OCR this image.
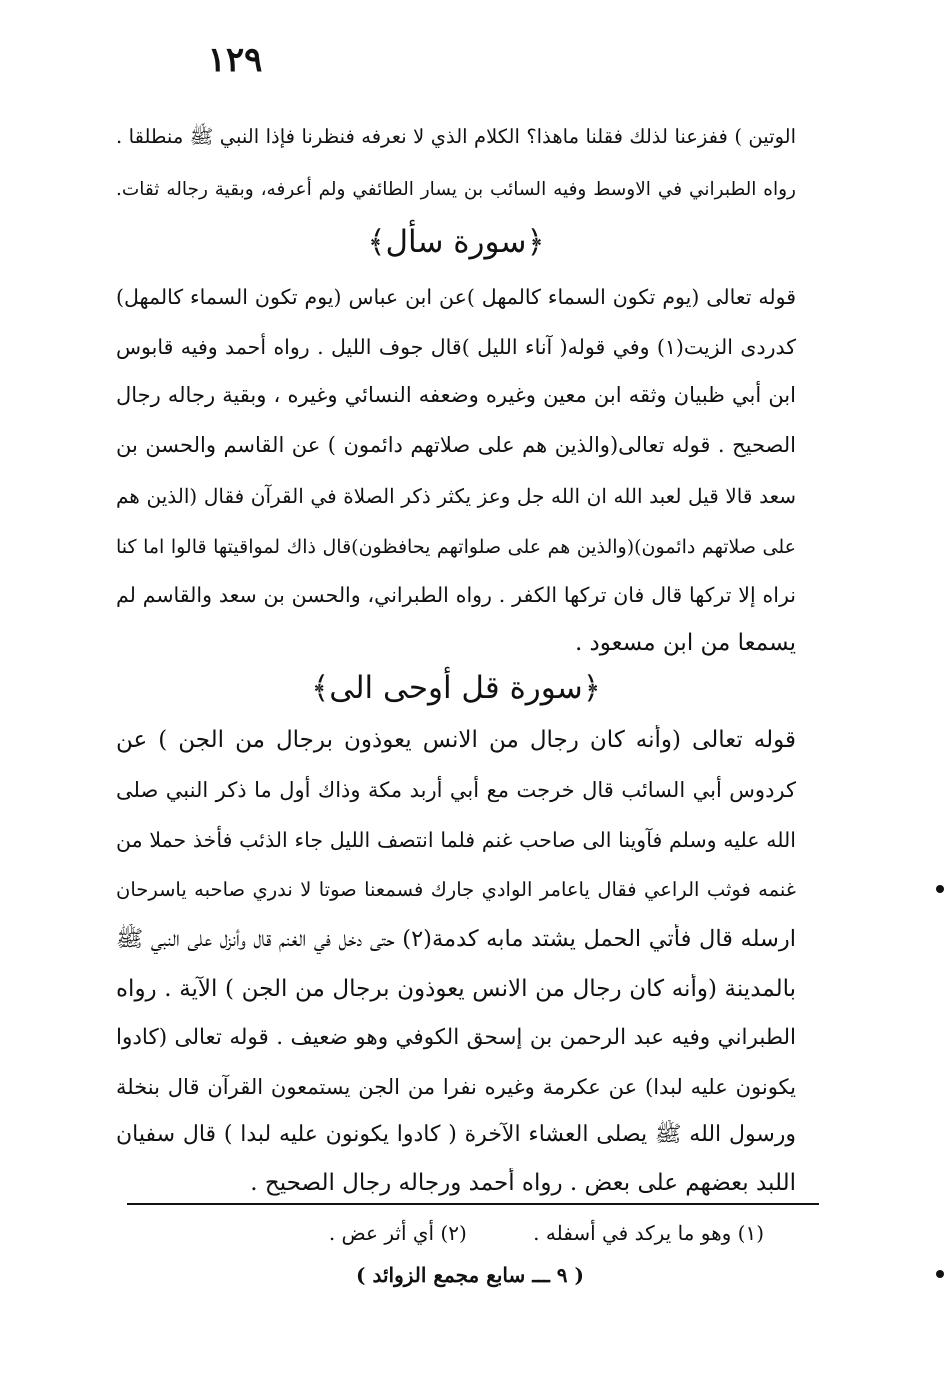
١٢٩
الوتين ) ففزعنا لذلك فقلنا ماهذا؟ الكلام الذي لا نعرفه فنظرنا فإذا النبي ﷺ منطلقا .
رواه الطبراني في الاوسط وفيه السائب بن يسار الطائفي ولم أعرفه، وبقية رجاله ثقات.
﴿سورة سأل﴾
قوله تعالى (يوم تكون السماء كالمهل )عن ابن عباس (يوم تكون السماء كالمهل)
كدردى الزيت(١) وفي قوله( آناء الليل )قال جوف الليل . رواه أحمد وفيه قابوس
ابن أبي ظبيان وثقه ابن معين وغيره وضعفه النسائي وغيره ، وبقية رجاله رجال
الصحيح . قوله تعالى(والذين هم على صلاتهم دائمون ) عن القاسم والحسن بن
سعد قالا قيل لعبد الله ان الله جل وعز يكثر ذكر الصلاة في القرآن فقال (الذين هم
على صلاتهم دائمون)(والذين هم على صلواتهم يحافظون)قال ذاك لمواقيتها قالوا اما كنا
نراه إلا تركها قال فان تركها الكفر . رواه الطبراني، والحسن بن سعد والقاسم لم
يسمعا من ابن مسعود .
﴿سورة قل أوحى الى﴾
قوله تعالى (وأنه كان رجال من الانس يعوذون برجال من الجن ) عن
كردوس أبي السائب قال خرجت مع أبي أربد مكة وذاك أول ما ذكر النبي صلى
الله عليه وسلم فآوينا الى صاحب غنم فلما انتصف الليل جاء الذئب فأخذ حملا من
غنمه فوثب الراعي فقال ياعامر الوادي جارك فسمعنا صوتا لا ندري صاحبه ياسرحان
ارسله قال فأتي الحمل يشتد مابه كدمة(٢) حتى دخل في الغنم قال وأنزل على النبي ﷺ
بالمدينة (وأنه كان رجال من الانس يعوذون برجال من الجن ) الآية . رواه
الطبراني وفيه عبد الرحمن بن إسحق الكوفي وهو ضعيف . قوله تعالى (كادوا
يكونون عليه لبدا) عن عكرمة وغيره نفرا من الجن يستمعون القرآن قال بنخلة
ورسول الله ﷺ يصلى العشاء الآخرة ( كادوا يكونون عليه لبدا ) قال سفيان
اللبد بعضهم على بعض . رواه أحمد ورجاله رجال الصحيح .
(١) وهو ما يركد في أسفله . (٢) أي أثر عض .
( ٩ ـــ سابع مجمع الزوائد )
